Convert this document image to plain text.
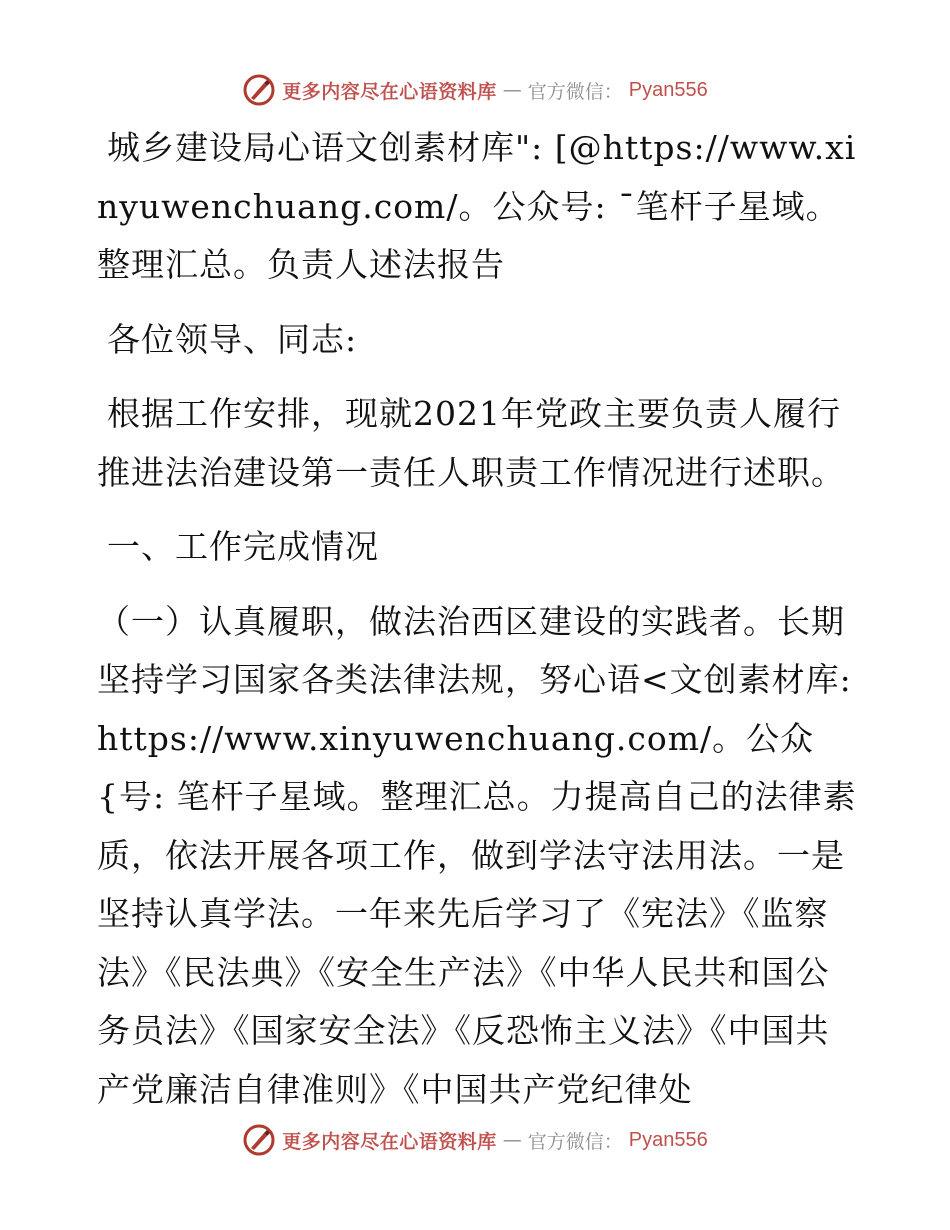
更多内容尽在心语资料库 — 官方微信： Pyan556

城乡建设局心语文创素材库": [@https://www.xinyuwenchuang.com/。公众号: ¯笔杆子星域。整理汇总。负责人述法报告

各位领导、同志:

根据工作安排，现就2021年党政主要负责人履行推进法治建设第一责任人职责工作情况进行述职。

一、工作完成情况

（一）认真履职，做法治西区建设的实践者。长期坚持学习国家各类法律法规，努心语<文创素材库: https://www.xinyuwenchuang.com/。公众{号: 笔杆子星域。整理汇总。力提高自己的法律素质，依法开展各项工作，做到学法守法用法。一是坚持认真学法。一年来先后学习了《宪法》《监察法》《民法典》《安全生产法》《中华人民共和国公务员法》《国家安全法》《反恐怖主义法》《中国共产党廉洁自律准则》《中国共产党纪律处

更多内容尽在心语资料库 — 官方微信： Pyan556
